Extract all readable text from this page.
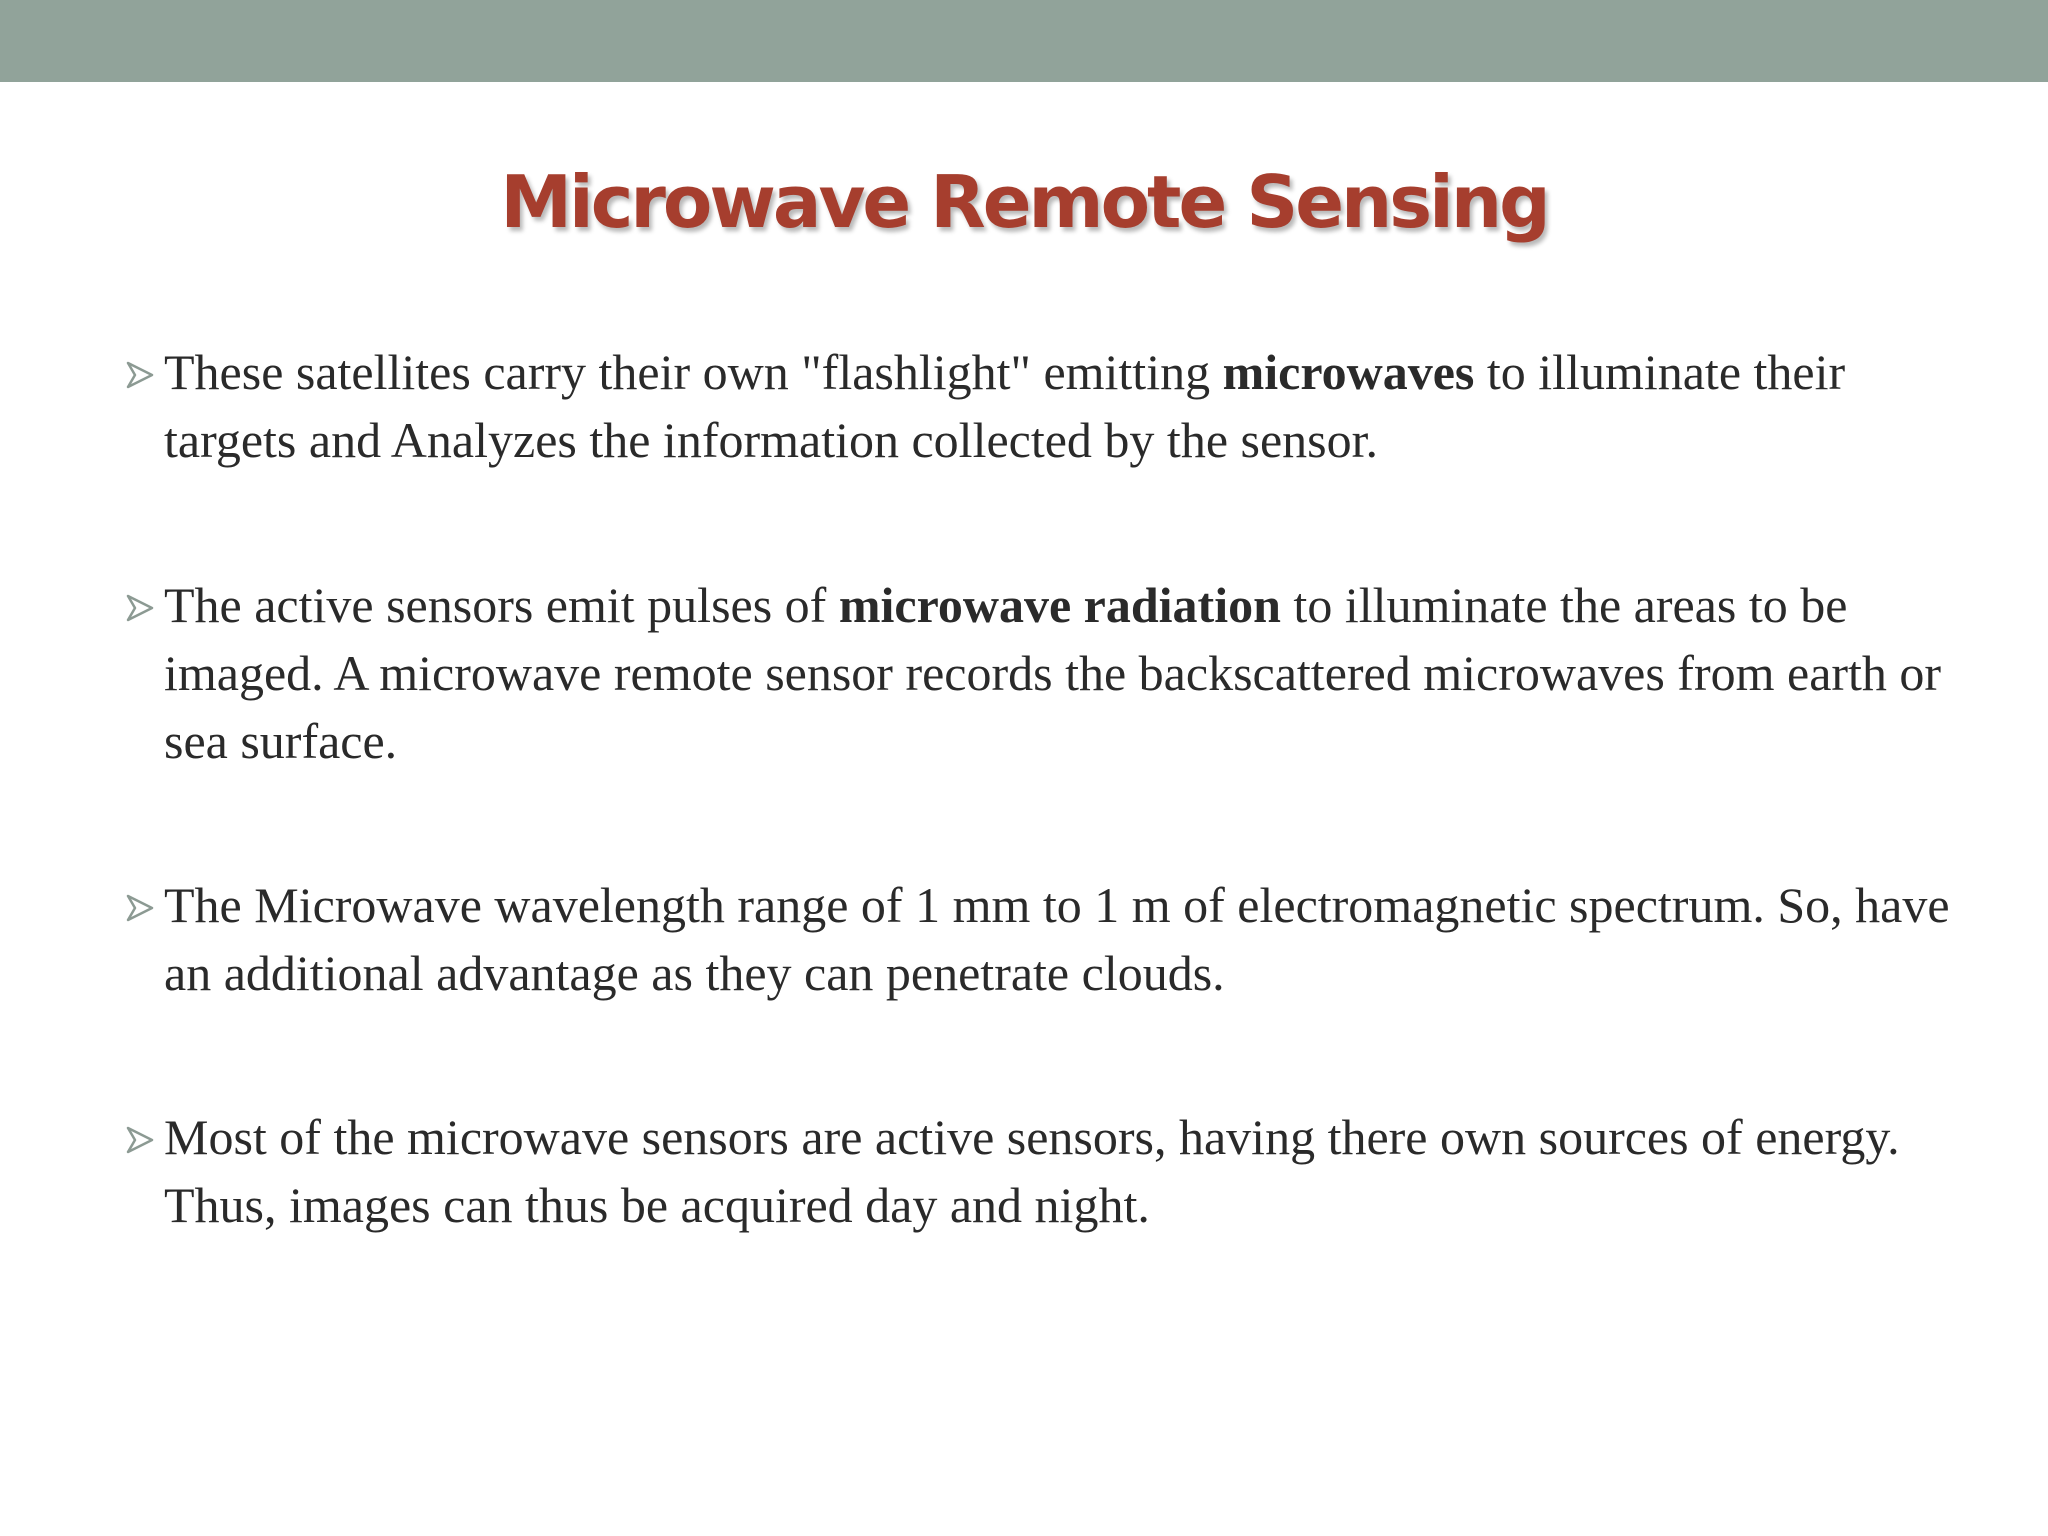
Microwave Remote Sensing
These satellites carry their own "flashlight" emitting microwaves to illuminate their targets and Analyzes the information collected by the sensor.
The active sensors emit pulses of microwave radiation to illuminate the areas to be imaged. A microwave remote sensor records the backscattered microwaves from earth or sea surface.
The Microwave wavelength range of 1 mm to 1 m of electromagnetic spectrum. So, have an additional advantage as they can penetrate clouds.
Most of the microwave sensors are active sensors, having there own sources of energy. Thus, images can thus be acquired day and night.
